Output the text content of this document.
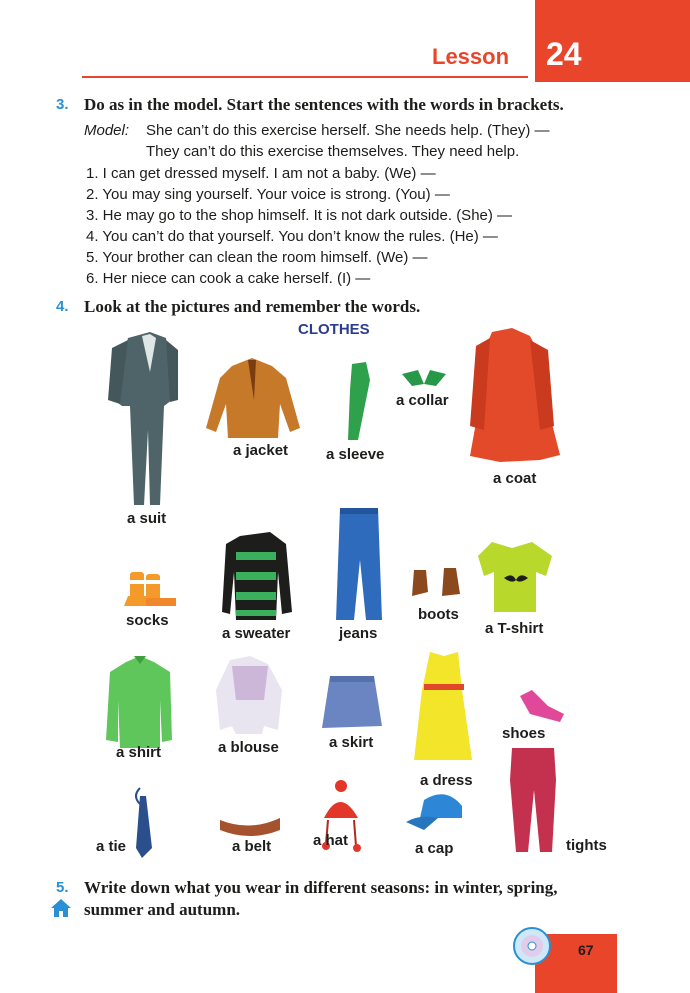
Lesson 24
3. Do as in the model. Start the sentences with the words in brackets.
Model: She can’t do this exercise herself. She needs help. (They) —
They can’t do this exercise themselves. They need help.
1. I can get dressed myself. I am not a baby. (We) —
2. You may sing yourself. Your voice is strong. (You) —
3. He may go to the shop himself. It is not dark outside. (She) —
4. You can’t do that yourself. You don’t know the rules. (He) —
5. Your brother can clean the room himself. (We) —
6. Her niece can cook a cake herself. (I) —
4. Look at the pictures and remember the words.
CLOTHES
a suit
a jacket	a sleeve
a collar
a coat
socks
a sweater	jeans
boots
a T-shirt
a shirt	a blouse	a skirt
a dress
shoes
a tie	a belt	a hat	a cap	tights
5. Write down what you wear in different seasons: in winter, spring,
summer and autumn.
67
